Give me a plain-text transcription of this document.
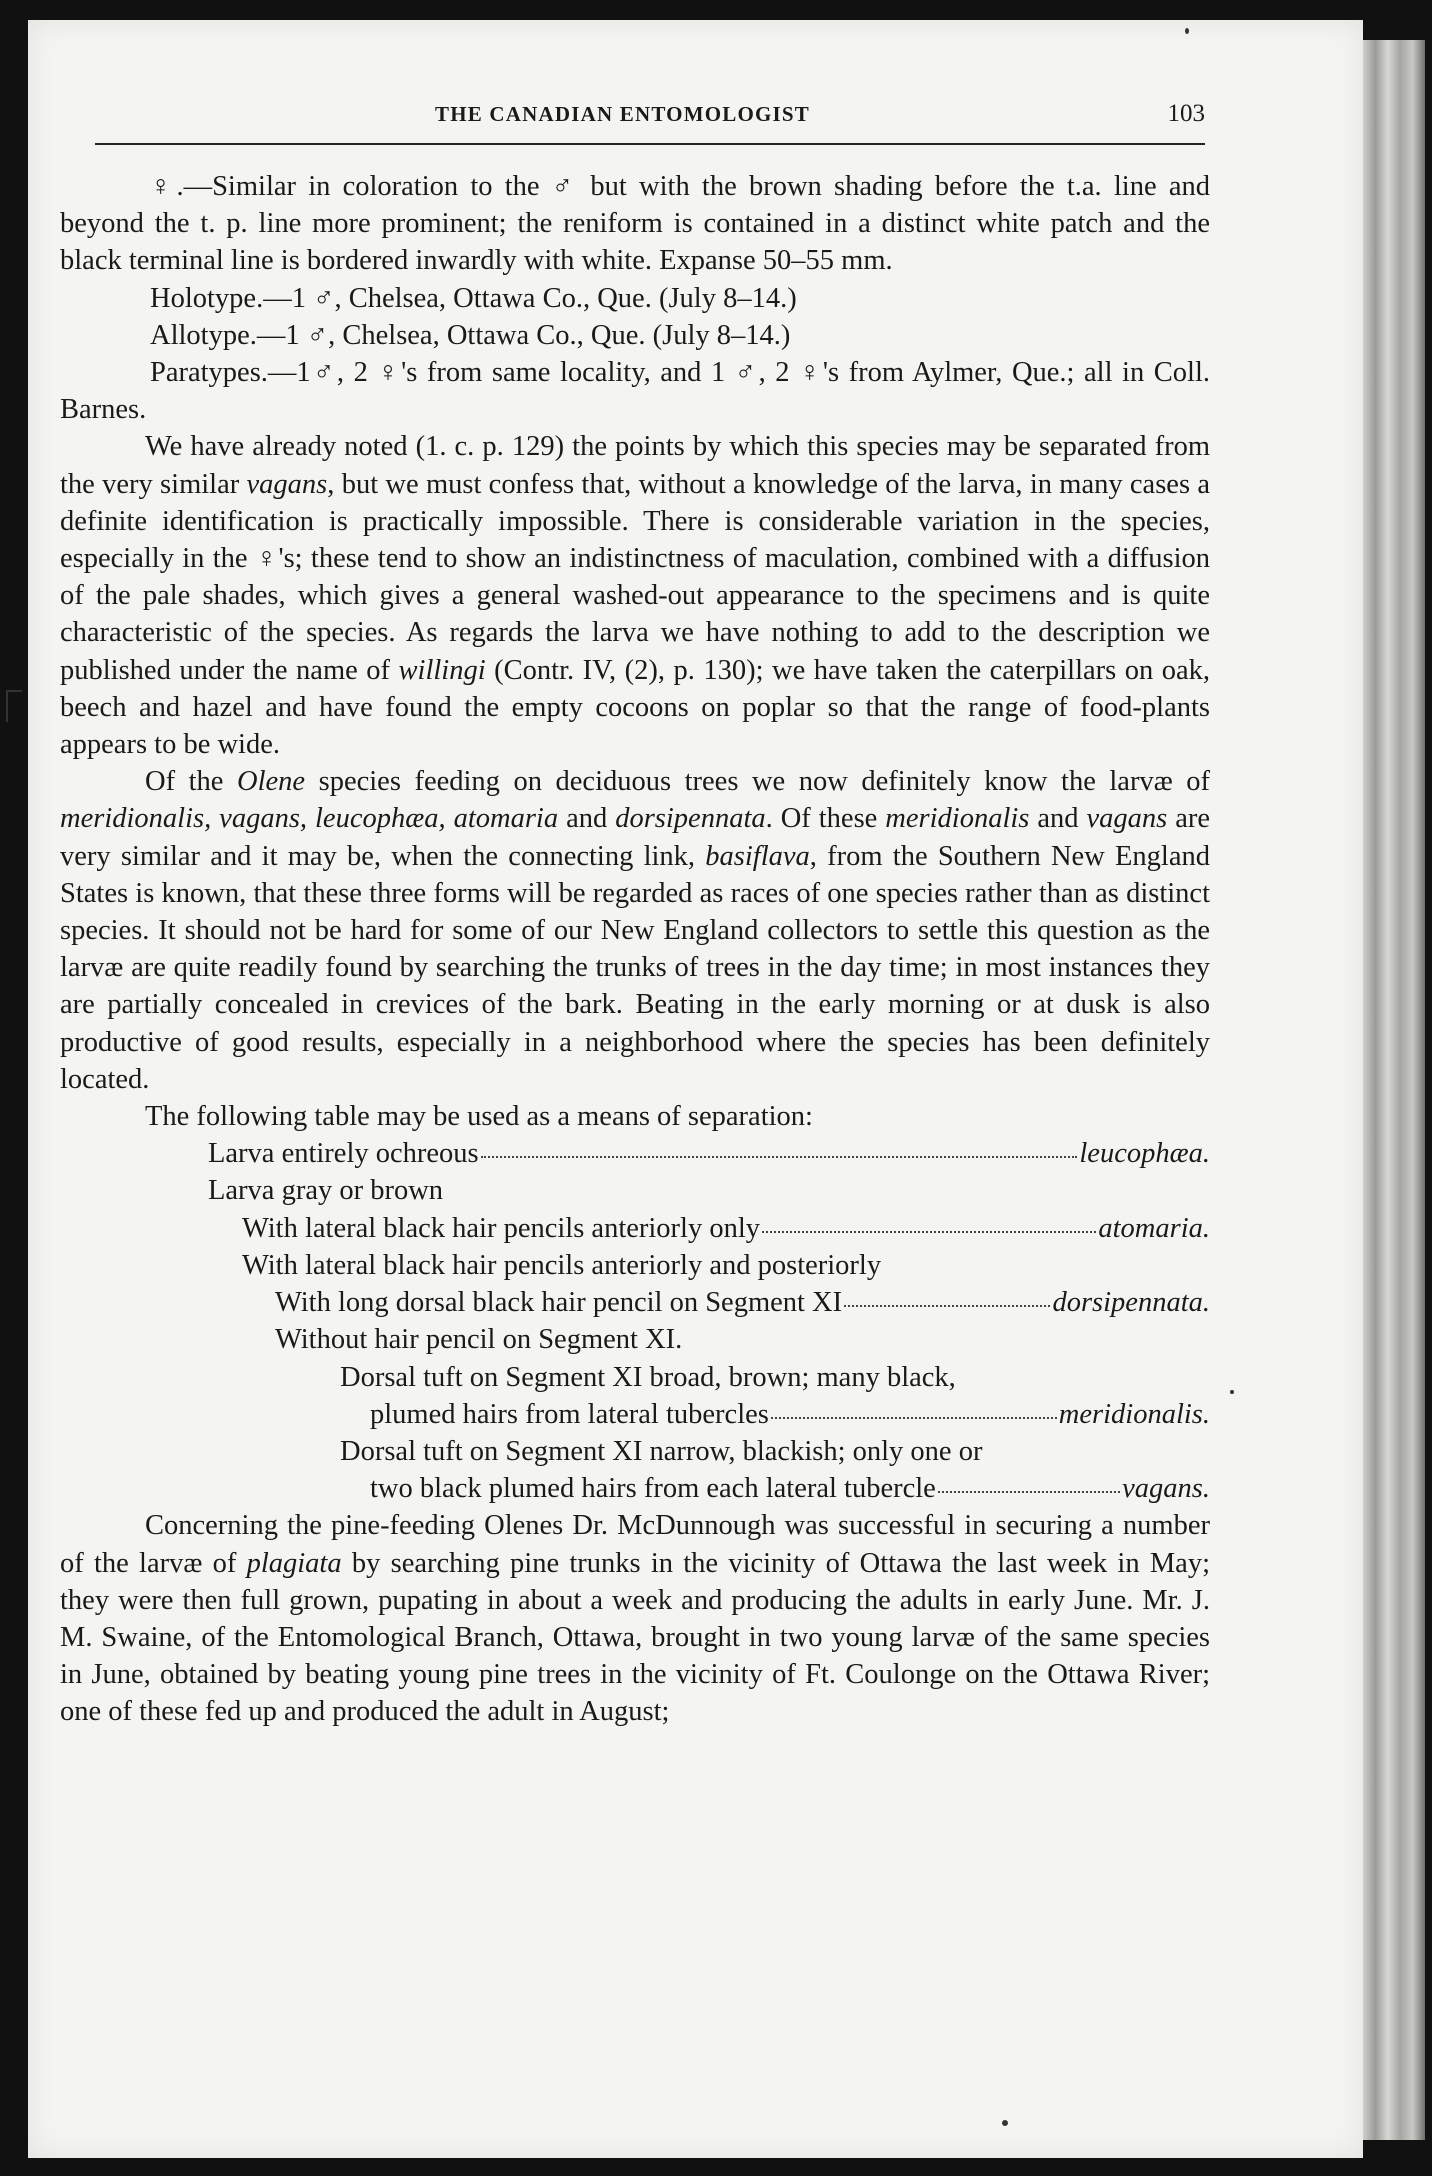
THE CANADIAN ENTOMOLOGIST	103

♀.—Similar in coloration to the ♂ but with the brown shading before the t.a. line and beyond the t. p. line more prominent; the reniform is contained in a distinct white patch and the black terminal line is bordered inwardly with white. Expanse 50–55 mm.

Holotype.—1 ♂, Chelsea, Ottawa Co., Que. (July 8–14.)

Allotype.—1 ♂, Chelsea, Ottawa Co., Que. (July 8–14.)

Paratypes.—1♂, 2 ♀'s from same locality, and 1 ♂, 2 ♀'s from Aylmer, Que.; all in Coll. Barnes.

We have already noted (1. c. p. 129) the points by which this species may be separated from the very similar vagans, but we must confess that, without a knowledge of the larva, in many cases a definite identification is practically impossible. There is considerable variation in the species, especially in the ♀'s; these tend to show an indistinctness of maculation, combined with a diffusion of the pale shades, which gives a general washed-out appearance to the specimens and is quite characteristic of the species. As regards the larva we have nothing to add to the description we published under the name of willingi (Contr. IV, (2), p. 130); we have taken the caterpillars on oak, beech and hazel and have found the empty cocoons on poplar so that the range of food-plants appears to be wide.

Of the Olene species feeding on deciduous trees we now definitely know the larvæ of meridionalis, vagans, leucophæa, atomaria and dorsipennata. Of these meridionalis and vagans are very similar and it may be, when the connecting link, basiflava, from the Southern New England States is known, that these three forms will be regarded as races of one species rather than as distinct species. It should not be hard for some of our New England collectors to settle this question as the larvæ are quite readily found by searching the trunks of trees in the day time; in most instances they are partially concealed in crevices of the bark. Beating in the early morning or at dusk is also productive of good results, especially in a neighborhood where the species has been definitely located.

The following table may be used as a means of separation:

Larva entirely ochreous	leucophæa.
Larva gray or brown
With lateral black hair pencils anteriorly only	atomaria.
With lateral black hair pencils anteriorly and posteriorly
With long dorsal black hair pencil on Segment XI	dorsipennata.
Without hair pencil on Segment XI.
Dorsal tuft on Segment XI broad, brown; many black,
plumed hairs from lateral tubercles	meridionalis.
Dorsal tuft on Segment XI narrow, blackish; only one or
two black plumed hairs from each lateral tubercle	vagans.

Concerning the pine-feeding Olenes Dr. McDunnough was successful in securing a number of the larvæ of plagiata by searching pine trunks in the vicinity of Ottawa the last week in May; they were then full grown, pupating in about a week and producing the adults in early June. Mr. J. M. Swaine, of the Entomological Branch, Ottawa, brought in two young larvæ of the same species in June, obtained by beating young pine trees in the vicinity of Ft. Coulonge on the Ottawa River; one of these fed up and produced the adult in August;
